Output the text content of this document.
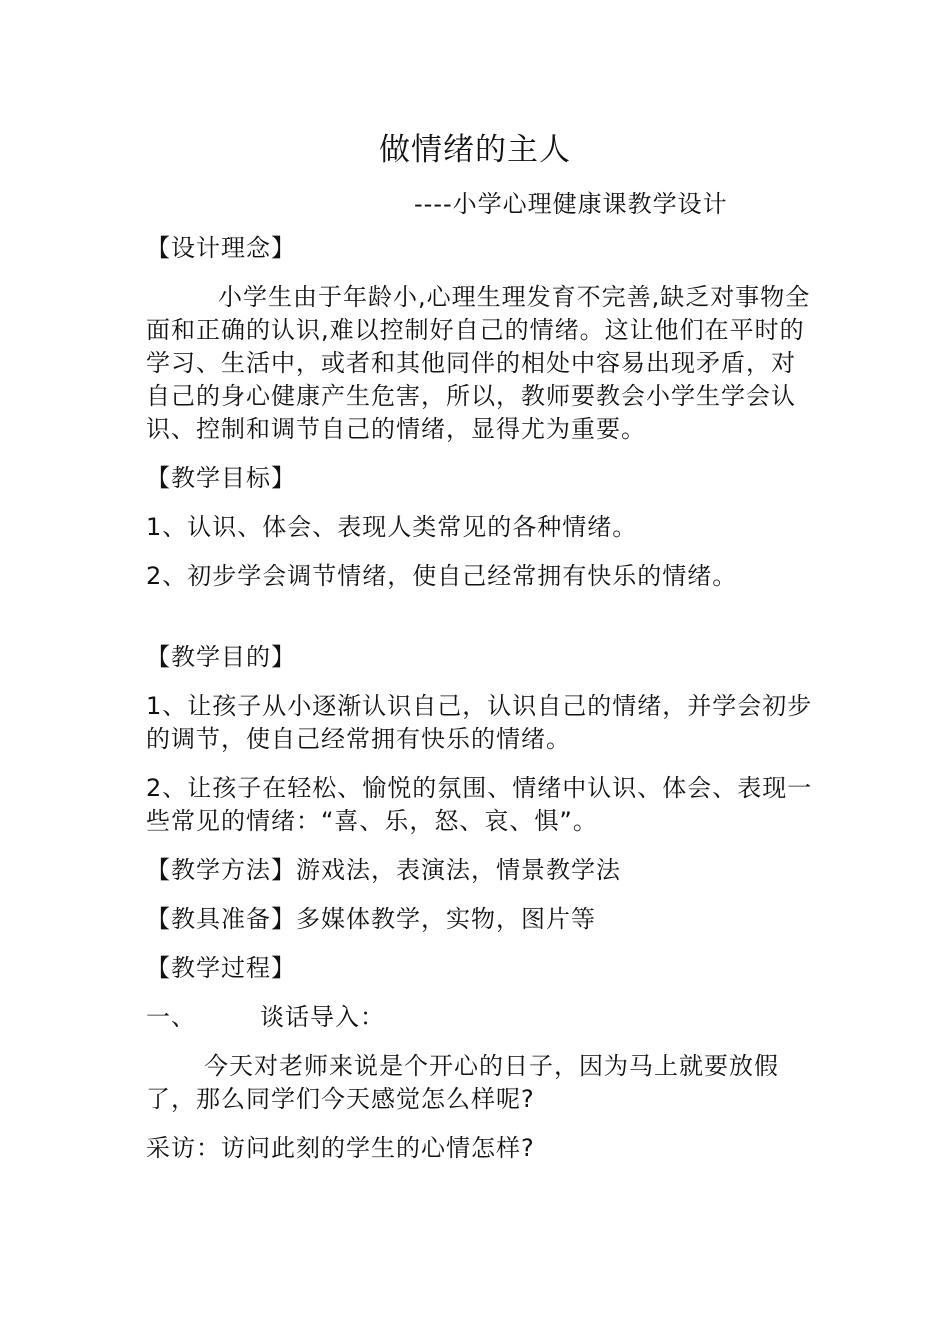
做情绪的主人
----小学心理健康课教学设计

【设计理念】

小学生由于年龄小,心理生理发育不完善,缺乏对事物全面和正确的认识,难以控制好自己的情绪。这让他们在平时的学习、生活中，或者和其他同伴的相处中容易出现矛盾，对自己的身心健康产生危害，所以，教师要教会小学生学会认识、控制和调节自己的情绪，显得尤为重要。

【教学目标】

1、认识、体会、表现人类常见的各种情绪。

2、初步学会调节情绪，使自己经常拥有快乐的情绪。

【教学目的】

1、让孩子从小逐渐认识自己，认识自己的情绪，并学会初步的调节，使自己经常拥有快乐的情绪。

2、让孩子在轻松、愉悦的氛围、情绪中认识、体会、表现一些常见的情绪：“喜、乐，怒、哀、惧”。

【教学方法】游戏法，表演法，情景教学法

【教具准备】多媒体教学，实物，图片等

【教学过程】

一、	谈话导入：

今天对老师来说是个开心的日子，因为马上就要放假了，那么同学们今天感觉怎么样呢?

采访：访问此刻的学生的心情怎样?
